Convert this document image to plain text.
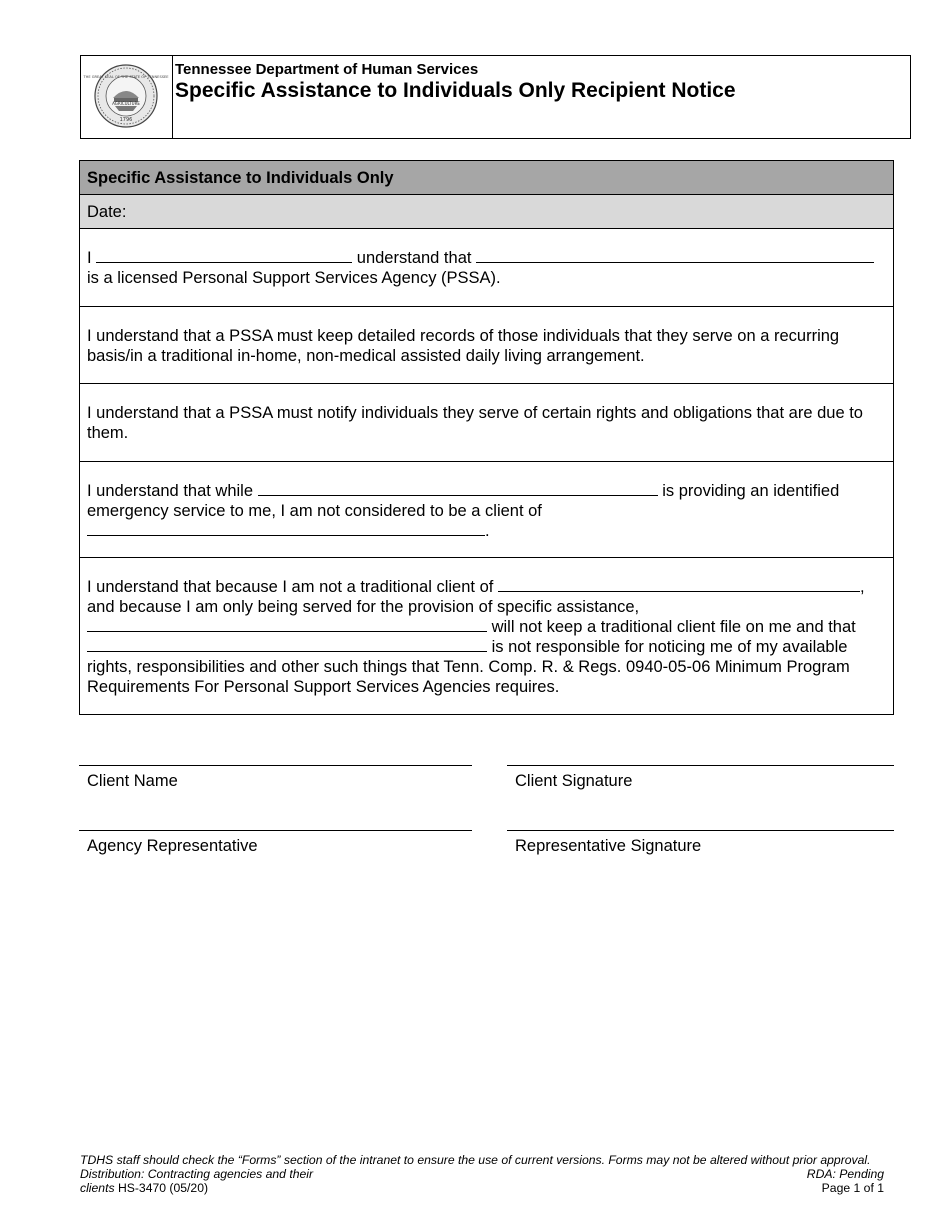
THE GREAT SEAL OF THE STATE OF TENNESSEE
AGRICULTURE
1796
Tennessee Department of Human Services
Specific Assistance to Individuals Only Recipient Notice
Specific Assistance to Individuals Only
Date:

I	understand that

is a licensed Personal Support Services Agency (PSSA).

I understand that a PSSA must keep detailed records of those individuals that they serve on a recurring basis/in a traditional in-home, non-medical assisted daily living arrangement.

I understand that a PSSA must notify individuals they serve of certain rights and obligations that are due to them.

I understand that while	is providing an identified

emergency service to me, I am not considered to be a client of

.

I understand that because I am not a traditional client of	,

and because I am only being served for the provision of specific assistance,

will not keep a traditional client file on me and that

is not responsible for noticing me of my available

rights, responsibilities and other such things that Tenn. Comp. R. & Regs. 0940-05-06 Minimum Program

Requirements For Personal Support Services Agencies requires.

Client Name	Client Signature
Agency Representative	Representative Signature
TDHS staff should check the “Forms” section of the intranet to ensure the use of current versions. Forms may not be altered without prior approval.
Distribution: Contracting agencies and their	RDA: Pending
clients HS-3470 (05/20)	Page 1 of 1
